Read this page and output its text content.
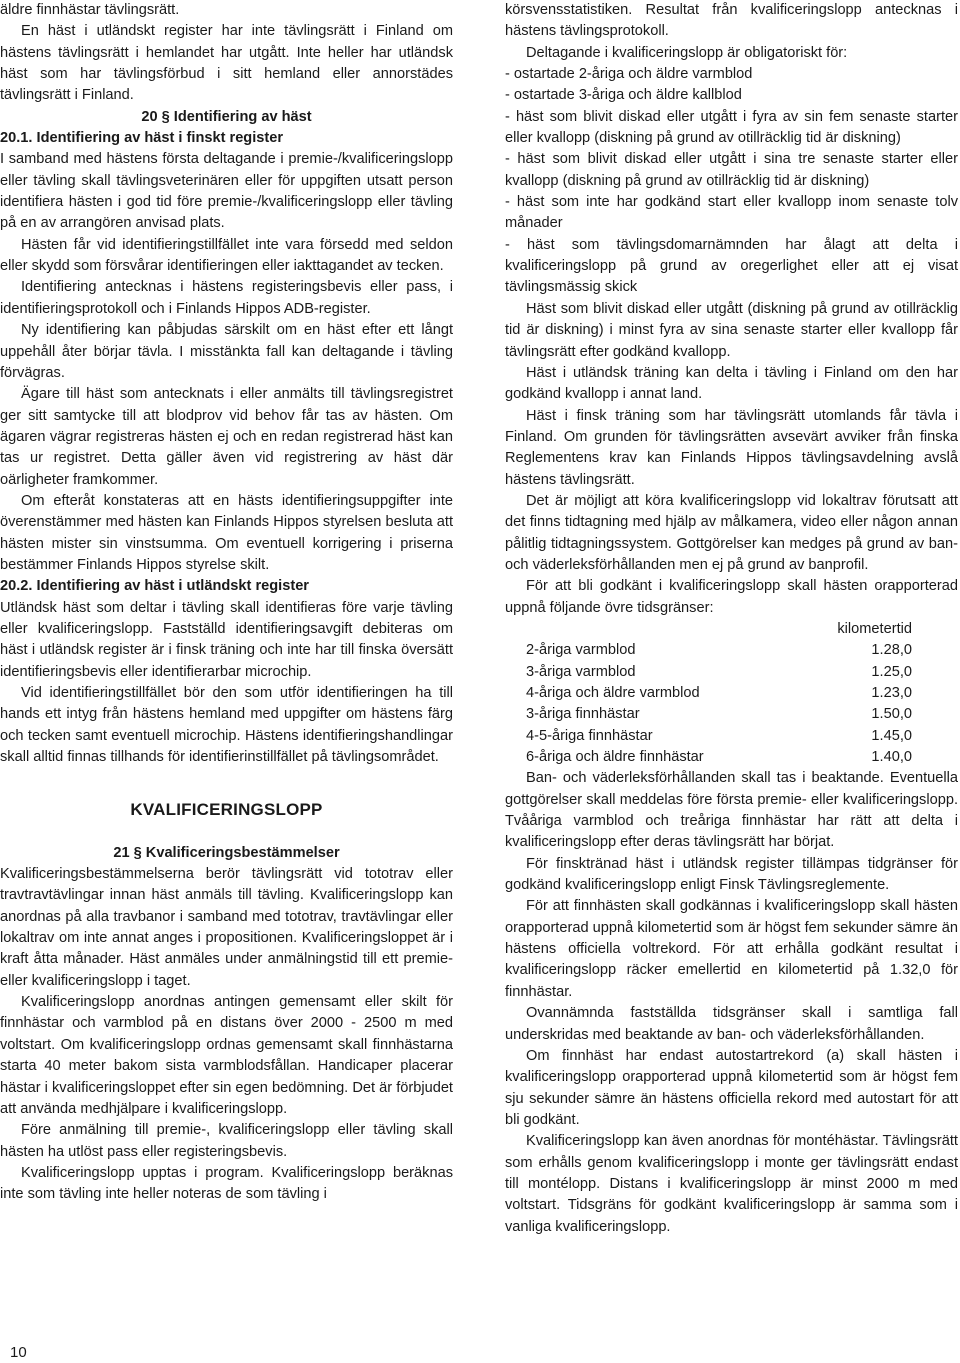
äldre finnhästar tävlingsrätt.

En häst i utländskt register har inte tävlingsrätt i Finland om hästens tävlingsrätt i hemlandet har utgått. Inte heller har utländsk häst som har tävlingsförbud i sitt hemland eller annorstädes tävlingsrätt i Finland.

20 § Identifiering av häst

20.1. Identifiering av häst i finskt register

I samband med hästens första deltagande i premie-/kvalificeringslopp eller tävling skall tävlingsveterinären eller för uppgiften utsatt person identifiera hästen i god tid före premie-/kvalificeringslopp eller tävling på en av arrangören anvisad plats.

Hästen får vid identifieringstillfället inte vara försedd med seldon eller skydd som försvårar identifieringen eller iakttagandet av tecken.

Identifiering antecknas i hästens registeringsbevis eller pass, i identifieringsprotokoll och i Finlands Hippos ADB-register.

Ny identifiering kan påbjudas särskilt om en häst efter ett långt uppehåll åter börjar tävla. I misstänkta fall kan deltagande i tävling förvägras.

Ägare till häst som antecknats i eller anmälts till tävlingsregistret ger sitt samtycke till att blodprov vid behov får tas av hästen. Om ägaren vägrar registreras hästen ej och en redan registrerad häst kan tas ur registret. Detta gäller även vid registrering av häst där oärligheter framkommer.

Om efteråt konstateras att en hästs identifieringsuppgifter inte överenstämmer med hästen kan Finlands Hippos styrelsen besluta att hästen mister sin vinstsumma. Om eventuell korrigering i priserna bestämmer Finlands Hippos styrelse skilt.

20.2. Identifiering av häst i utländskt register

Utländsk häst som deltar i tävling skall identifieras före varje tävling eller kvalificeringslopp. Fastställd identifieringsavgift debiteras om häst i utländsk register är i finsk träning och inte har till finska översätt identifieringsbevis eller identifierarbar microchip.

Vid identifieringstillfället bör den som utför identifieringen ha till hands ett intyg från hästens hemland med uppgifter om hästens färg och tecken samt eventuell microchip. Hästens identifieringshandlingar skall alltid finnas tillhands för identifierinstillfället på tävlingsområdet.

KVALIFICERINGSLOPP

21 § Kvalificeringsbestämmelser

Kvalificeringsbestämmelserna berör tävlingsrätt vid tototrav eller travtravtävlingar innan häst anmäls till tävling. Kvalificeringslopp kan anordnas på alla travbanor i samband med tototrav, travtävlingar eller lokaltrav om inte annat anges i propositionen. Kvalificeringsloppet är i kraft åtta månader. Häst anmäles under anmälningstid till ett premie- eller kvalificeringslopp i taget.

Kvalificeringslopp anordnas antingen gemensamt eller skilt för finnhästar och varmblod på en distans över 2000 - 2500 m med voltstart. Om kvalificeringslopp ordnas gemensamt skall finnhästarna starta 40 meter bakom sista varmblodsfållan. Handicaper placerar hästar i kvalificeringsloppet efter sin egen bedömning. Det är förbjudet att använda medhjälpare i kvalificeringslopp.

Före anmälning till premie-, kvalificeringslopp eller tävling skall hästen ha utlöst pass eller registeringsbevis.

Kvalificeringslopp upptas i program. Kvalificeringslopp beräknas inte som tävling inte heller noteras de som tävling i

körsvensstatistiken. Resultat från kvalificeringslopp antecknas i hästens tävlingsprotokoll.

Deltagande i kvalificeringslopp är obligatoriskt för:

- ostartade 2-åriga och äldre varmblod

- ostartade 3-åriga och äldre kallblod

- häst som blivit diskad eller utgått i fyra av sin fem senaste starter eller kvallopp (diskning på grund av otillräcklig tid är diskning)

- häst som blivit diskad eller utgått i sina tre senaste starter eller kvallopp (diskning på grund av otillräcklig tid är diskning)

- häst som inte har godkänd start eller kvallopp inom senaste tolv månader

- häst som tävlingsdomarnämnden har ålagt att delta i kvalificeringslopp på grund av oregerlighet eller att ej visat tävlingsmässig skick

Häst som blivit diskad eller utgått (diskning på grund av otillräcklig tid är diskning) i minst fyra av sina senaste starter eller kvallopp får tävlingsrätt efter godkänd kvallopp.

Häst i utländsk träning kan delta i tävling i Finland om den har godkänd kvallopp i annat land.

Häst i finsk träning som har tävlingsrätt utomlands får tävla i Finland. Om grunden för tävlingsrätten avsevärt avviker från finska Reglementens krav kan Finlands Hippos tävlingsavdelning avslå hästens tävlingsrätt.

Det är möjligt att köra kvalificeringslopp vid lokaltrav förutsatt att det finns tidtagning med hjälp av målkamera, video eller någon annan pålitlig tidtagningssystem. Gottgörelser kan medges på grund av ban- och väderleksförhållanden men ej på grund av banprofil.

För att bli godkänt i kvalificeringslopp skall hästen orapporterad uppnå följande övre tidsgränser:

	kilometertid
2-åriga varmblod	1.28,0
3-åriga varmblod	1.25,0
4-åriga och äldre varmblod	1.23,0
3-åriga finnhästar	1.50,0
4-5-åriga finnhästar	1.45,0
6-åriga och äldre finnhästar	1.40,0

Ban- och väderleksförhållanden skall tas i beaktande. Eventuella gottgörelser skall meddelas före första premie- eller kvalificeringslopp. Tvååriga varmblod och treåriga finnhästar har rätt att delta i kvalificeringslopp efter deras tävlingsrätt har börjat.

För finsktränad häst i utländsk register tillämpas tidgränser för godkänd kvalificeringslopp enligt Finsk Tävlingsreglemente.

För att finnhästen skall godkännas i kvalificeringslopp skall hästen orapporterad uppnå kilometertid som är högst fem sekunder sämre än hästens officiella voltrekord. För att erhålla godkänt resultat i kvalificeringslopp räcker emellertid en kilometertid på 1.32,0 för finnhästar.

Ovannämnda fastställda tidsgränser skall i samtliga fall underskridas med beaktande av ban- och väderleksförhållanden.

Om finnhäst har endast autostartrekord (a) skall hästen i kvalificeringslopp orapporterad uppnå kilometertid som är högst fem sju sekunder sämre än hästens officiella rekord med autostart för att bli godkänt.

Kvalificeringslopp kan även anordnas för montéhästar. Tävlingsrätt som erhålls genom kvalificeringslopp i monte ger tävlingsrätt endast till montélopp. Distans i kvalificeringslopp är minst 2000 m med voltstart. Tidsgräns för godkänt kvalificeringslopp är samma som i vanliga kvalificeringslopp.

10
